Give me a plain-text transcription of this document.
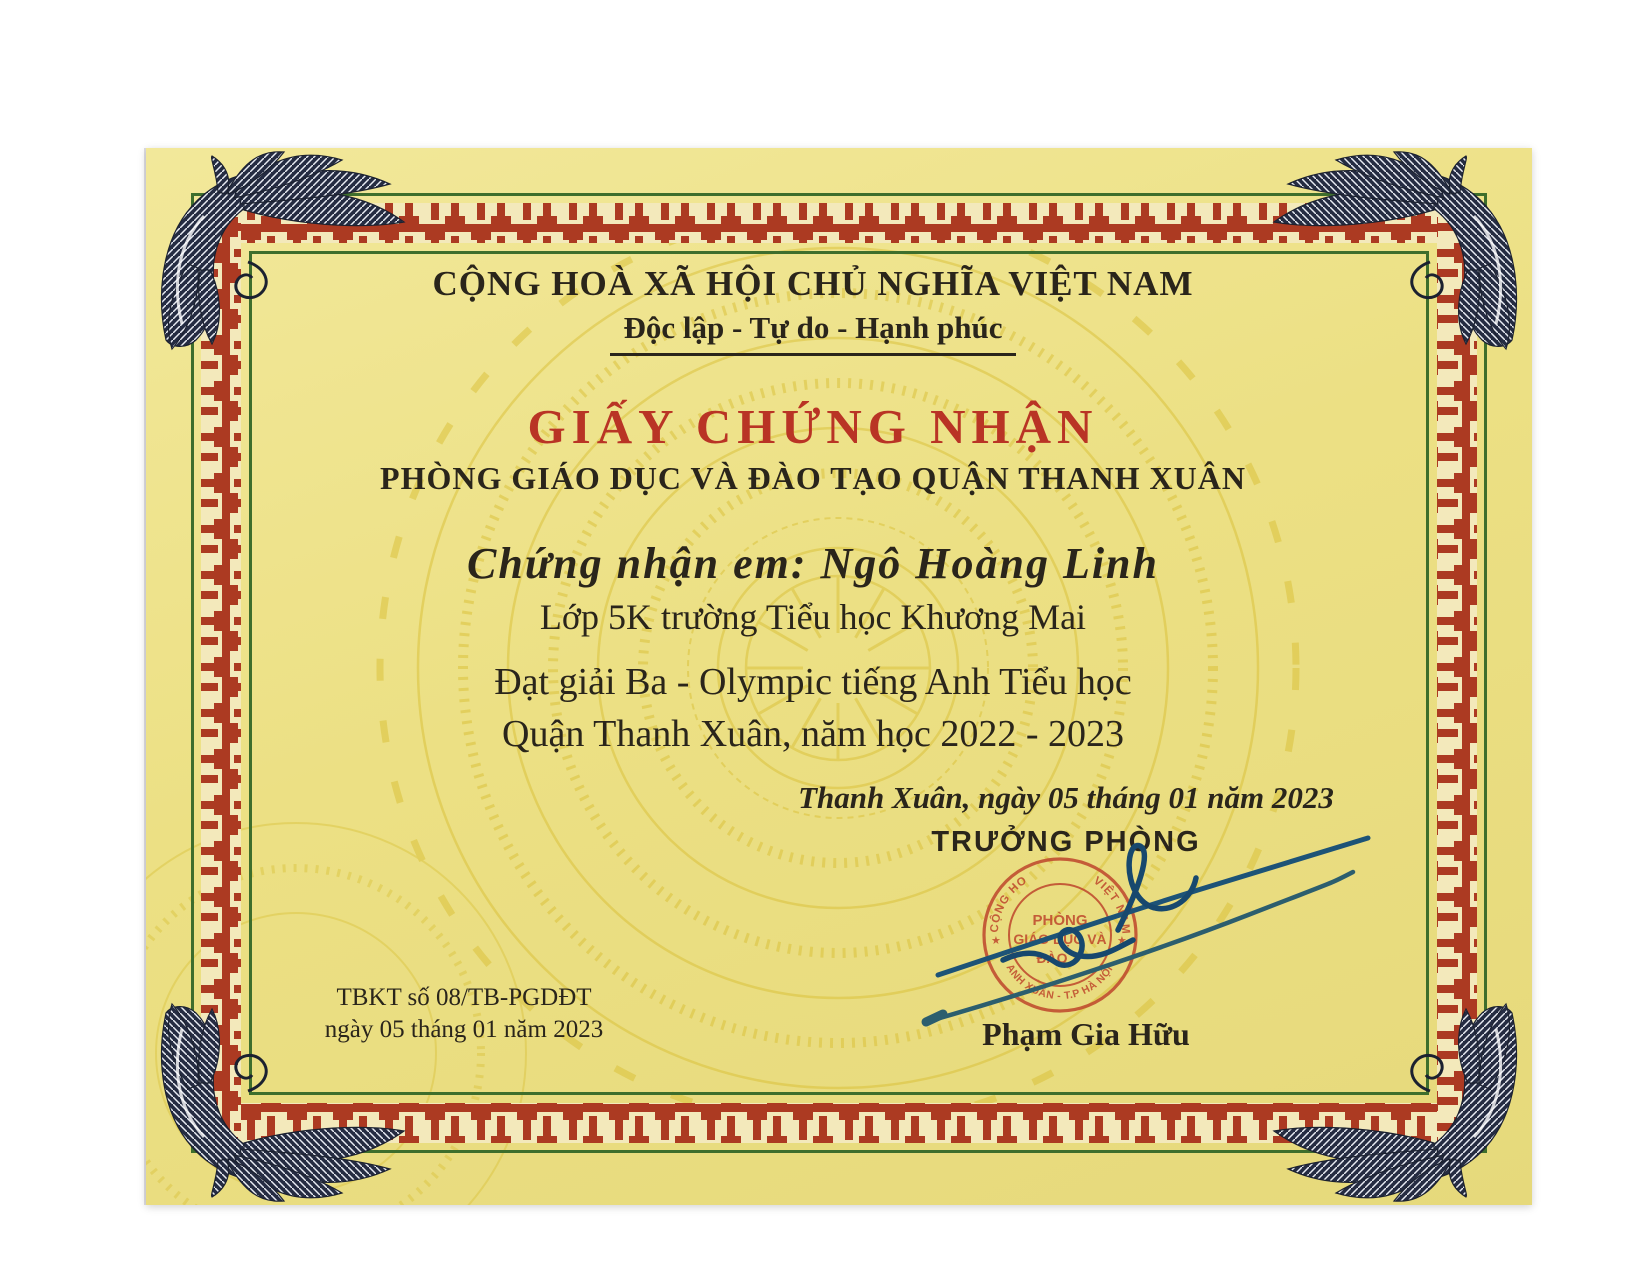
CỘNG HOÀ XÃ HỘI CHỦ NGHĨA VIỆT NAM
Độc lập - Tự do - Hạnh phúc
GIẤY CHỨNG NHẬN
PHÒNG GIÁO DỤC VÀ ĐÀO TẠO QUẬN THANH XUÂN
Chứng nhận em: Ngô Hoàng Linh
Lớp 5K trường Tiểu học Khương Mai
Đạt giải Ba - Olympic tiếng Anh Tiểu học
Quận Thanh Xuân, năm học 2022 - 2023
Thanh Xuân, ngày 05 tháng 01 năm 2023
TRƯỞNG PHÒNG
Phạm Gia Hữu
TBKT số 08/TB-PGDĐT
ngày 05 tháng 01 năm 2023
CỘNG HO	VIỆT NAM
ANH XUÂN - T.P HÀ NỘI
★	★
PHÒNG
GIÁO DỤC VÀ
ĐÀO
